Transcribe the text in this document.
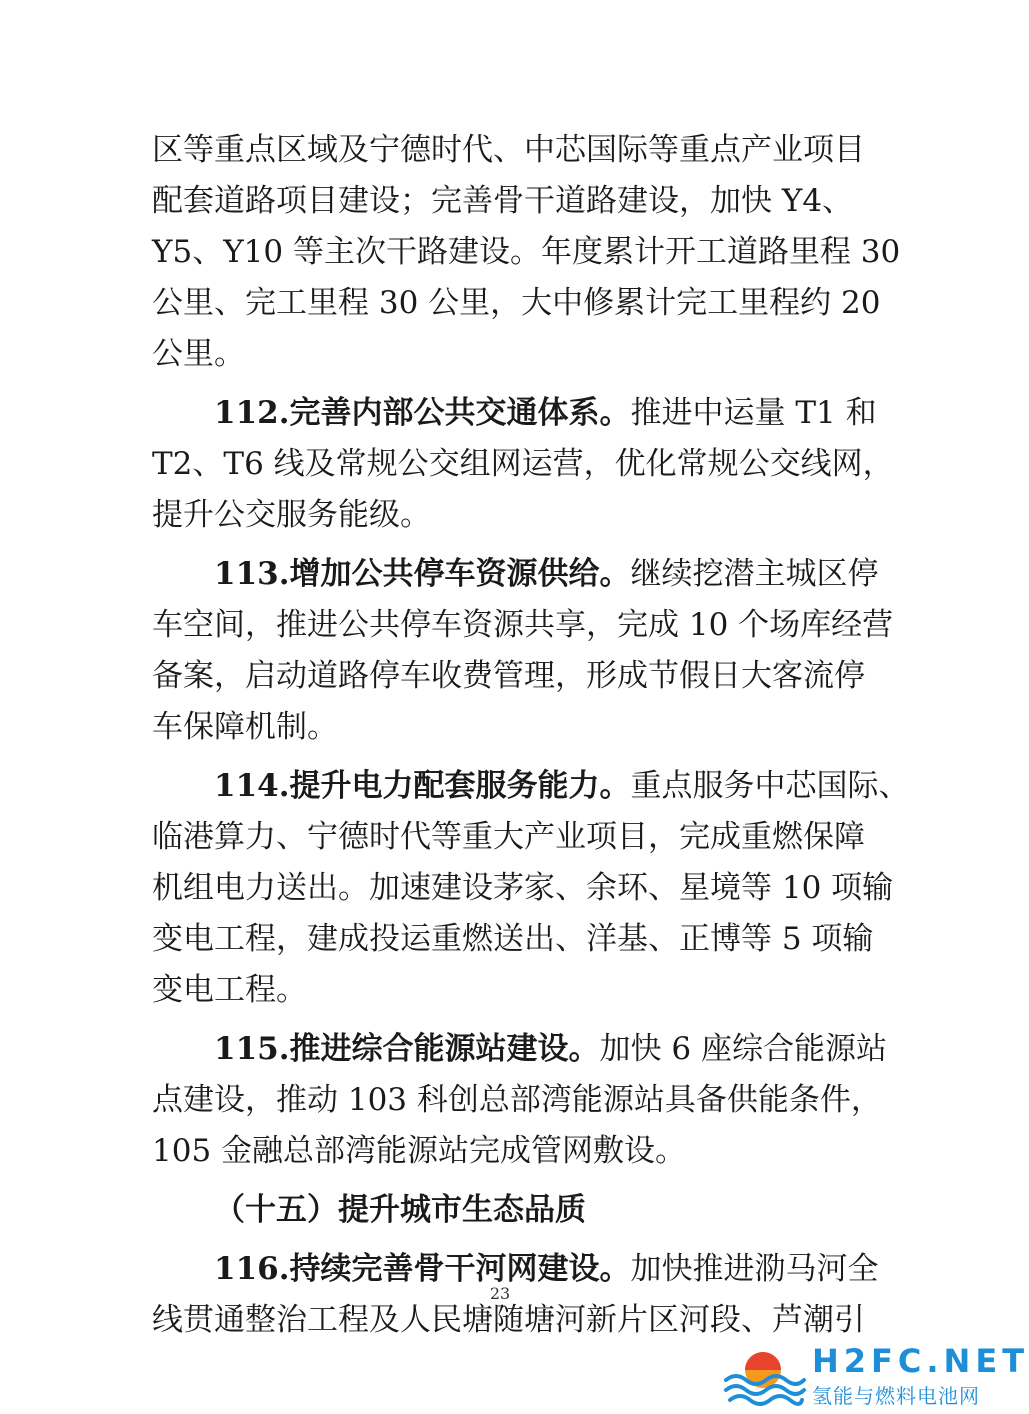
区等重点区域及宁德时代、中芯国际等重点产业项目
配套道路项目建设；完善骨干道路建设，加快 Y4、
Y5、Y10 等主次干路建设。年度累计开工道路里程 30
公里、完工里程 30 公里，大中修累计完工里程约 20
公里。
112.完善内部公共交通体系。推进中运量 T1 和
T2、T6 线及常规公交组网运营，优化常规公交线网，
提升公交服务能级。
113.增加公共停车资源供给。继续挖潜主城区停
车空间，推进公共停车资源共享，完成 10 个场库经营
备案，启动道路停车收费管理，形成节假日大客流停
车保障机制。
114.提升电力配套服务能力。重点服务中芯国际、
临港算力、宁德时代等重大产业项目，完成重燃保障
机组电力送出。加速建设茅家、余环、星境等 10 项输
变电工程，建成投运重燃送出、洋基、正博等 5 项输
变电工程。
115.推进综合能源站建设。加快 6 座综合能源站
点建设，推动 103 科创总部湾能源站具备供能条件，
105 金融总部湾能源站完成管网敷设。
（十五）提升城市生态品质
116.持续完善骨干河网建设。加快推进泐马河全
线贯通整治工程及人民塘随塘河新片区河段、芦潮引
23
H2FC.NET
氢能与燃料电池网
